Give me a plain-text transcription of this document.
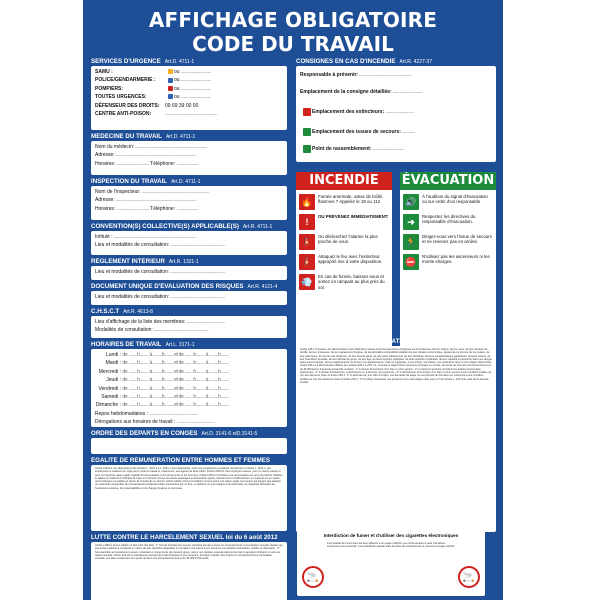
AFFICHAGE OBLIGATOIRE
CODE DU TRAVAIL
SERVICES D'URGENCE Art.D. 4711-1
SAMU :	ou ............................
POLICE/GENDARMERIE :	ou ............................
POMPIERS:	ou ............................
TOUTES URGENCES:	ou ............................
DÉFENSEUR DES DROITS: 09 69 39 00 00
CENTRE ANTI-POISON:	................................................
MÉDECINE DU TRAVAIL Art.D. 4711-1
Nom du médecin: ..................................................................
Adresse: ..........................................................................
Horaires: .............................. Téléphone: ....................
INSPECTION DU TRAVAIL Art.D. 4711-1
Nom de l'inspecteur: ..............................................................
Adresse: ..........................................................................
Horaires: .............................. Téléphone: ....................
CONVENTION(S) COLLECTIVE(S) APPLICABLE(S) Art.R. 4711-1
Intitulé : ............................................................................
Lieu et modalités de consultation: ..................................................
RÈGLEMENT INTÉRIEUR Art.R. 1321-1
Lieu et modalités de consultation: ..................................................
DOCUMENT UNIQUE D'ÉVALUATION DES RISQUES Art.R. 4121-4
Lieu et modalités de consultation: ..................................................
C.H.S.C.T Art.R. 4613-8
Lieu d'affichage de la liste des membres: ...................................
Modalités de consultation: ..................................................
HORAIRES DE TRAVAIL Art.L. 3171-1
Lundi : de ........h........ à ........h........ et de ........h........ à ........h........
Mardi : de ........h........ à ........h........ et de ........h........ à ........h........
Mercredi : de ........h........ à ........h........ et de ........h........ à ........h........
Jeudi : de ........h........ à ........h........ et de ........h........ à ........h........
Vendredi : de ........h........ à ........h........ et de ........h........ à ........h........
Samedi : de ........h........ à ........h........ et de ........h........ à ........h........
Dimanche : de ........h........ à ........h........ et de ........h........ à ........h........
Repos hebdomadaires : .............................................
Dérogations aux horaires de travail : ...................................
ORDRE DES DÉPARTS EN CONGÉS Art.D. 3141-6 etD.3141-5
ÉGALITÉ DE RÉMUNÉRATION ENTRE HOMMES ET FEMMES
Article L3221-1 Les dispositions des articles L. 3221-2 à L. 3221-7 sont applicables, outre aux employeurs et salariés mentionnés à l'article L. 3211-1, aux employeurs et salariés non régis par le code du travail et, notamment, aux agents de droit public. Article L3221-2 Tout employeur assure, pour un même travail ou pour un travail de valeur égale, l'égalité de rémunération entre les femmes et les hommes. Article L3221-3 Constitue une rémunération au sens du présent chapitre, le salaire ou traitement ordinaire de base ou minimum et tous les autres avantages et accessoires payés, directement ou indirectement, en espèces ou en nature, par l'employeur au salarié en raison de l'emploi de ce dernier. Article L3221-4 Sont considérés comme ayant une valeur égale, les travaux qui exigent des salariés un ensemble comparable de connaissances professionnelles consacrées par un titre, un diplôme ou une pratique professionnelle, de capacités découlant de l'expérience acquise, de responsabilités et de charge physique ou nerveuse.
LUTTE CONTRE LE HARCÈLEMENT SEXUEL loi du 6 août 2012
Article L1153-1 Aucun salarié ne doit subir des faits : 1° Soit de harcèlement sexuel, constitué par des propos ou comportements à connotation sexuelle répétés qui soit portent atteinte à sa dignité en raison de leur caractère dégradant ou humiliant, soit créent à son encontre une situation intimidante, hostile ou offensante ; 2° Soit assimilés au harcèlement sexuel, consistant en toute forme de pression grave, même non répétée, exercée dans le but réel ou apparent d'obtenir un acte de nature sexuelle. Article 222-33 Le harcèlement sexuel est le fait d'imposer à une personne, de façon répétée, des propos ou comportements à connotation sexuelle. Les faits mentionnés sont punis de deux ans d'emprisonnement et de 30 000 € d'amende.
CONSIGNES EN CAS D'INCENDIE Art.R. 4227-37
Responsable à prévenir: ................................................
Emplacement de la consigne détaillée: ...........................
Emplacement des extincteurs: ..........................
Emplacement des issues de secours: ............
Point de rassemblement: .............................
INCENDIE
🔥	Fumée anormale, odeur de brûlé, flammes ? Appelez le 18 ou 112
!
OU PRÉVENEZ IMMÉDIATEMENT:
🧯	Ou déclenchez l'alarme la plus proche de vous.
🧯	Attaquez le feu avec l'extincteur approprié mis à votre disposition.
💨	En cas de fumée, baissez-vous et sortez en rampant au plus près du sol.
ÉVACUATION
🔊	À l'audition du signal d'évacuation ou sur ordre d'un responsable
➜	Respectez les directives du responsable d'évacuation.
🏃	Dirigez-vous vers l'issue de secours et ne revenez pas en arrière.
⛔	N'utilisez pas les ascenseurs ni les monte-charges.
LUTTE CONTRE LES DISCRIMINATIONS Loi du 28 mai 2008
Article 225-1 Constitue une discrimination toute distinction opérée entre les personnes physiques sur le fondement de leur origine, de leur sexe, de leur situation de famille, de leur grossesse, de leur apparence physique, de la particulière vulnérabilité résultant de leur situation économique, apparente ou connue de son auteur, de leur patronyme, de leur lieu de résidence, de leur état de santé, de leur perte d'autonomie, de leur handicap, de leurs caractéristiques génétiques, de leurs mœurs, de leur orientation sexuelle, de leur identité de genre, de leur âge, de leurs opinions politiques, de leurs activités syndicales, de leur capacité à s'exprimer dans une langue autre que le français, de leur appartenance ou de leur non-appartenance, vraie ou supposée, à une ethnie, une Nation, une prétendue race ou une religion déterminée. Article 225-2 La discrimination définie aux articles 225-1 à 225-1-2, commise à l'égard d'une personne physique ou morale, est punie de trois ans d'emprisonnement et de 45 000 Euros d'amende lorsqu'elle consiste : 1° A refuser la fourniture d'un bien ou d'un service ; 2° A entraver l'exercice normal d'une activité économique quelconque ; 3° A refuser d'embaucher, à sanctionner ou à licencier une personne ; 4° A subordonner la fourniture d'un bien ou d'un service à une condition fondée sur l'un des éléments visés à l'article 225-1 ; 5° A subordonner une offre d'emploi, une demande de stage ou une période de formation en entreprise à une condition fondée sur l'un des éléments visés à l'article 225-1 ; 6° A refuser d'accepter une personne à l'un des stages visés par le 2° de l'article L. 412-8 du code de la sécurité sociale.
Interdiction de fumer et d'utiliser des cigarettes électroniques
Il est interdit de fumer dans les lieux affectés à un usage collectif. Les contrevenants à cette interdiction s'exposent à une amende. Il est interdit de vapoter dans les lieux de travail fermés et couverts à usage collectif.
🚬	🚬
